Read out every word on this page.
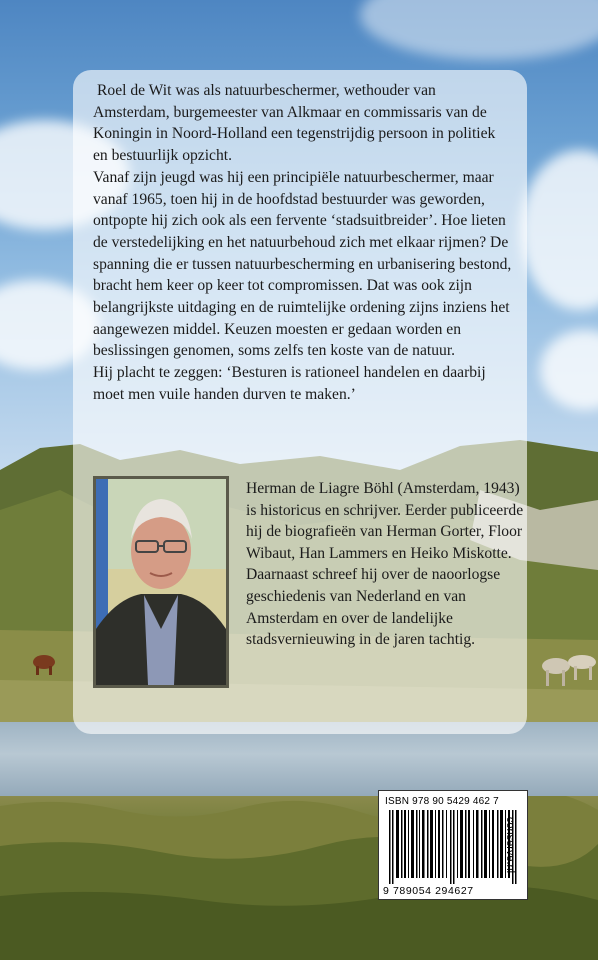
Roel de Wit was als natuurbeschermer, wethouder van Amsterdam, burgemeester van Alkmaar en commissaris van de Koningin in Noord-Holland een tegenstrijdig persoon in politiek en bestuurlijk opzicht.

Vanaf zijn jeugd was hij een principiële natuurbeschermer, maar vanaf 1965, toen hij in de hoofdstad bestuurder was geworden, ontpopte hij zich ook als een fervente ‘stadsuitbreider’. Hoe lieten de verstedelijking en het natuurbehoud zich met elkaar rijmen? De spanning die er tussen natuurbescherming en urbanisering bestond, bracht hem keer op keer tot compromissen. Dat was ook zijn belangrijkste uitdaging en de ruimtelijke ordening zijns inziens het aangewezen middel. Keuzen moesten er gedaan worden en beslissingen genomen, soms zelfs ten koste van de natuur.

Hij placht te zeggen: ‘Besturen is rationeel handelen en daarbij moet men vuile handen durven te maken.’

Herman de Liagre Böhl (Amsterdam, 1943) is historicus en schrijver. Eerder publiceerde hij de biografieën van Herman Gorter, Floor Wibaut, Han Lammers en Heiko Miskotte. Daarnaast schreef hij over de naoorlogse geschiedenis van Nederland en van Amsterdam en over de landelijke stadsvernieuwing in de jaren tachtig.
ISBN 978 90 5429 462 7
9 789054 294627
conserve.nl
